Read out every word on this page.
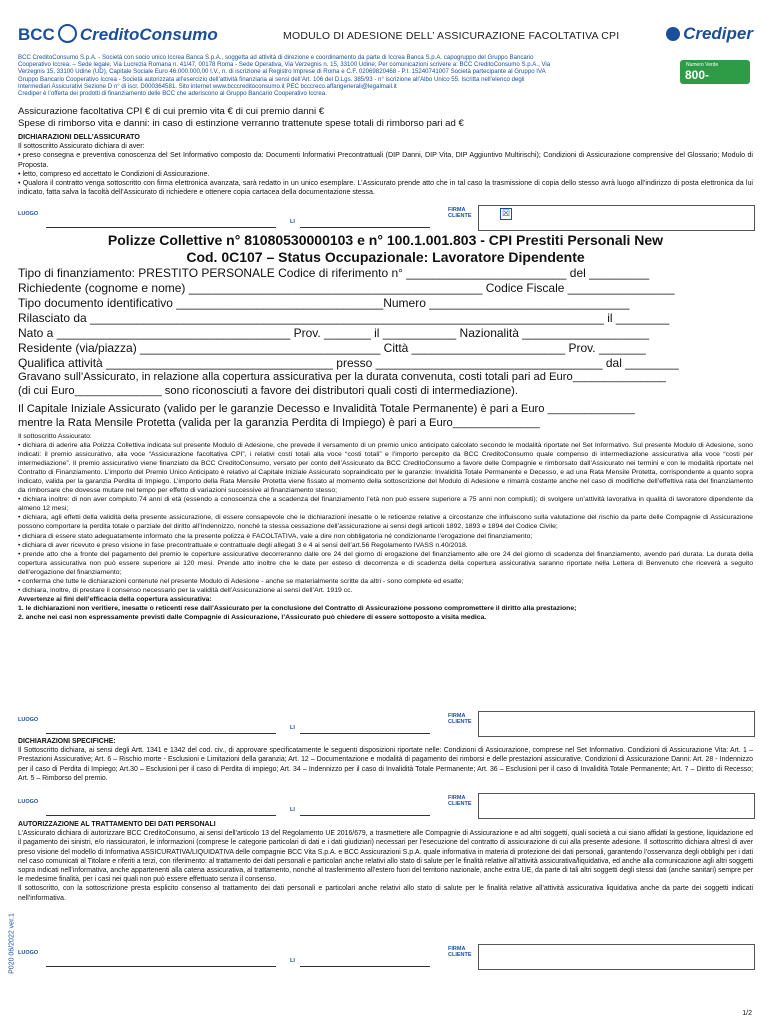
P020 06/2022 ver.1
BCC CreditoConsumo	MODULO DI ADESIONE DELL’ ASSICURAZIONE FACOLTATIVA CPI	Crediper

BCC CreditoConsumo S.p.A. - Società con socio unico Iccrea Banca S.p.A., soggetta ad attività di direzione e coordinamento da parte di Iccrea Banca S.p.A. capogruppo del Gruppo Bancario

Cooperativo Iccrea. – Sede legale, Via Lucrezia Romana n. 41/47, 00178 Roma - Sede Operativa, Via Verzegnis n. 15, 33100 Udine; Per comunicazioni scrivere a: BCC CreditoConsumo S.p.A., Via

Verzegnis 15, 33100 Udine (UD), Capitale Sociale Euro 46.000.000,00 I.V., n. di iscrizione al Registro Imprese di Roma e C.F. 02069820468 - P.I. 15240741007 Società partecipante al Gruppo IVA

Gruppo Bancario Cooperativo Iccrea - Società autorizzata all’esercizio dell’attività finanziaria ai sensi dell’Art. 106 del D.Lgs. 385/93 - n° iscrizione all’Albo Unico 55. Iscritta nell’elenco degli

Intermediari Assicurativi Sezione D n° di iscr. D000364581. Sito internet www.bcccreditoconsumo.it PEC bcccreco.affarigenerali@legalmail.it

Crediper è l’offerta dei prodotti di finanziamento delle BCC che aderiscono al Gruppo Bancario Cooperativo Iccrea.

Numero Verde
800-990.620
Assicurazione facoltativa CPI € di cui premio vita € di cui premio danni €
Spese di rimborso vita e danni: in caso di estinzione verranno trattenute spese totali di rimborso pari ad €

DICHIARAZIONI DELL’ASSICURATO

Il sottoscritto Assicurato dichiara di aver:

• preso consegna e preventiva conoscenza del Set Informativo composto da: Documenti Informativi Precontrattuali (DIP Danni, DIP Vita, DIP Aggiuntivo Multirischi); Condizioni di Assicurazione comprensive del Glossario; Modulo di Proposta.

• letto, compreso ed accettato le Condizioni di Assicurazione.

• Qualora il contratto venga sottoscritto con firma elettronica avanzata, sarà redatto in un unico esemplare. L’Assicurato prende atto che in tal caso la trasmissione di copia dello stesso avrà luogo all’indirizzo di posta elettronica da lui indicato, fatta salva la facoltà dell’Assicurato di richiedere e ottenere copia cartacea della documentazione stessa.

LUOGO
LI
FIRMA
CLIENTE	☒
Polizze Collettive n° 81080530000103 e n° 100.1.001.803 - CPI Prestiti Personali New
Cod. 0C107 – Status Occupazionale: Lavoratore Dipendente
Tipo di finanziamento: PRESTITO PERSONALE Codice di riferimento n° ________________________ del _________
Richiedente (cognome e nome) ____________________________________________ Codice Fiscale ________________
Tipo documento identificativo _______________________________Numero ______________________________
Rilasciato da _____________________________________________________________________________ il ________
Nato a ___________________________________ Prov. _______ il ___________ Nazionalità ___________________
Residente (via/piazza) ____________________________________ Città _______________________ Prov. _______
Qualifica attività __________________________________ presso __________________________________ dal ________
Gravano sull’Assicurato, in relazione alla copertura assicurativa per la durata convenuta, costi totali pari ad Euro_______________
(di cui Euro______________ sono riconosciuti a favore dei distributori quali costi di intermediazione).
Il Capitale Iniziale Assicurato (valido per le garanzie Decesso e Invalidità Totale Permanente) è pari a Euro ______________
mentre la Rata Mensile Protetta (valida per la garanzia Perdita di Impiego) è pari a Euro______________

Il sottoscritto Assicurato:

• dichiara di aderire alla Polizza Collettiva indicata sul presente Modulo di Adesione, che prevede il versamento di un premio unico anticipato calcolato secondo le modalità riportate nel Set Informativo. Sul presente Modulo di Adesione, sono indicati: il premio assicurativo, alla voce “Assicurazione facoltativa CPI”, i relativi costi totali alla voce “costi totali” e l’importo percepito da BCC CreditoConsumo quale compenso di intermediazione assicurativa alla voce “costi per intermediazione”. Il premio assicurativo viene finanziato da BCC CreditoConsumo, versato per conto dell’Assicurato da BCC CreditoConsumo a favore delle Compagnie e rimborsato dall’Assicurato nei termini e con le modalità riportate nel Contratto di Finanziamento. L’importo del Premio Unico Anticipato è relativo al Capitale Iniziale Assicurato sopraindicato per le garanzie: Invalidità Totale Permanente e Decesso, e ad una Rata Mensile Protetta, corrispondente a quanto sopra indicato, valida per la garanzia Perdita di Impiego. L’importo della Rata Mensile Protetta viene fissato al momento della sottoscrizione del Modulo di Adesione e rimarrà costante anche nel caso di modifiche dell’effettiva rata del finanziamento da rimborsare che dovesse mutare nel tempo per effetto di variazioni successive al finanziamento stesso;

• dichiara inoltre: di non aver compiuto 74 anni di età (essendo a conoscenza che a scadenza del finanziamento l’età non può essere superiore a 75 anni non compiuti); di svolgere un’attività lavorativa in qualità di lavoratore dipendente da almeno 12 mesi;

• dichiara, agli effetti della validità della presente assicurazione, di essere consapevole che le dichiarazioni inesatte o le reticenze relative a circostanze che influiscono sulla valutazione del rischio da parte delle Compagnie di Assicurazione possono comportare la perdita totale o parziale del diritto all’Indennizzo, nonché la stessa cessazione dell’assicurazione ai sensi degli articoli 1892, 1893 e 1894 del Codice Civile;

• dichiara di essere stato adeguatamente informato che la presente polizza è FACOLTATIVA, vale a dire non obbligatoria né condizionante l’erogazione del finanziamento;

• dichiara di aver ricevuto e preso visione in fase precontrattuale e contrattuale degli allegati 3 e 4 ai sensi dell’art.56 Regolamento IVASS n.40/2018.

• prende atto che a fronte del pagamento del premio le coperture assicurative decorreranno dalle ore 24 del giorno di erogazione del finanziamento alle ore 24 del giorno di scadenza del finanziamento, avendo pari durata. La durata della copertura assicurativa non può essere superiore ai 120 mesi. Prende atto inoltre che le date per esteso di decorrenza e di scadenza della copertura assicurativa saranno riportate nella Lettera di Benvenuto che riceverà a seguito dell’erogazione del finanziamento;

• conferma che tutte le dichiarazioni contenute nel presente Modulo di Adesione - anche se materialmente scritte da altri - sono complete ed esatte;

• dichiara, inoltre, di prestare il consenso necessario per la validità dell’Assicurazione ai sensi dell’Art. 1919 cc.

Avvertenze ai fini dell’efficacia della copertura assicurativa:

1. le dichiarazioni non veritiere, inesatte o reticenti rese dall’Assicurato per la conclusione del Contratto di Assicurazione possono compromettere il diritto alla prestazione;

2. anche nei casi non espressamente previsti dalle Compagnie di Assicurazione, l’Assicurato può chiedere di essere sottoposto a visita medica.

LUOGO
LI
FIRMA
CLIENTE

DICHIARAZIONI SPECIFICHE:

Il Sottoscritto dichiara, ai sensi degli Artt. 1341 e 1342 del cod. civ., di approvare specificatamente le seguenti disposizioni riportate nelle: Condizioni di Assicurazione, comprese nel Set Informativo. Condizioni di Assicurazione Vita: Art. 1 – Prestazioni Assicurative; Art. 6 – Rischio morte - Esclusioni e Limitazioni della garanzia; Art. 12 – Documentazione e modalità di pagamento dei rimborsi e delle prestazioni assicurative. Condizioni di Assicurazione Danni: Art. 28 - Indennizzo per il caso di Perdita di Impiego; Art.30 – Esclusioni per il caso di Perdita di impiego; Art. 34 – Indennizzo per il caso di Invalidità Totale Permanente; Art. 36 – Esclusioni per il caso di Invalidità Totale Permanente; Art. 7 – Diritto di Recesso; Art. 5 – Rimborso del premio.

LUOGO
LI
FIRMA
CLIENTE

AUTORIZZAZIONE AL TRATTAMENTO DEI DATI PERSONALI

L’Assicurato dichiara di autorizzare BCC CreditoConsumo, ai sensi dell’articolo 13 del Regolamento UE 2016/679, a trasmettere alle Compagnie di Assicurazione e ad altri soggetti, quali società a cui siano affidati la gestione, liquidazione ed il pagamento dei sinistri, e/o riassicuratori, le informazioni (comprese le categorie particolari di dati e i dati giudiziari) necessari per l’esecuzione del contratto di assicurazione di cui alla presente adesione. Il sottoscritto dichiara altresì di aver preso visione del modello di Informativa ASSICURATIVA/LIQUIDATIVA delle compagnie BCC Vita S.p.A. e BCC Assicurazioni S.p.A. quale informativa in materia di protezione dei dati personali, garantendo l’osservanza degli obblighi per i dati nel caso comunicati al Titolare e riferiti a terzi, con riferimento: al trattamento dei dati personali e particolari anche relativi allo stato di salute per le finalità relative all’attività assicurativa/liquidativa, ed anche alla comunicazione agli altri soggetti sopra indicati nell’informativa, anche appartenenti alla catena assicurativa, al trattamento, nonché al trasferimento all’estero fuori del territorio nazionale, anche extra UE, da parte di tali altri soggetti degli stessi dati (anche sanitari) sempre per le medesime finalità, per i casi nei quali non può essere effettuato senza il consenso.

Il sottoscritto, con la sottoscrizione presta esplicito consenso al trattamento dei dati personali e particolari anche relativi allo stato di salute per le finalità relative all’attività assicurativa liquidativa anche da parte dei soggetti indicati nell’informativa.

LUOGO
LI
FIRMA
CLIENTE
1/2
